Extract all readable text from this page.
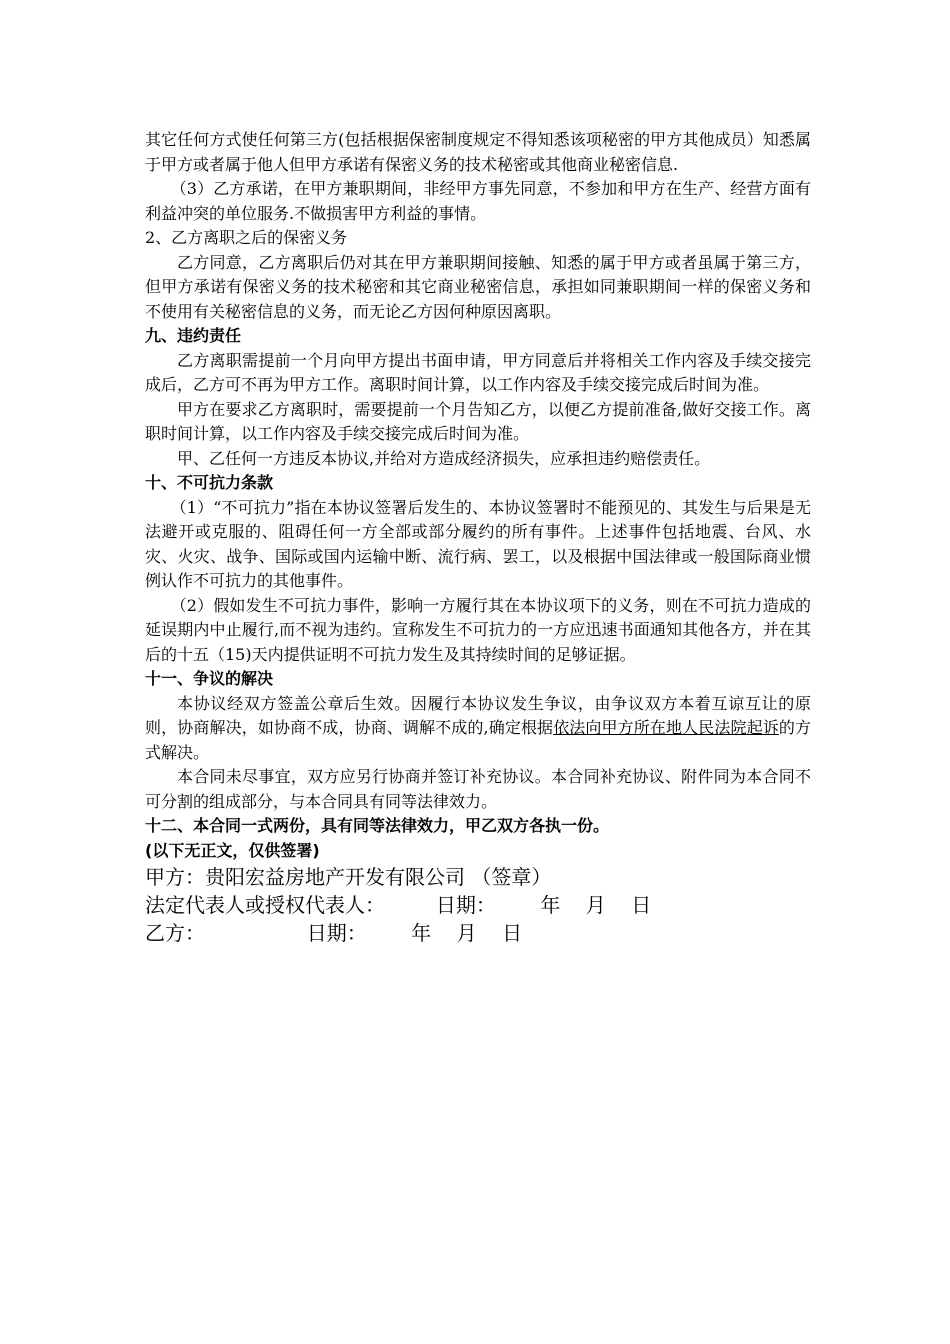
其它任何方式使任何第三方(包括根据保密制度规定不得知悉该项秘密的甲方其他成员）知悉属于甲方或者属于他人但甲方承诺有保密义务的技术秘密或其他商业秘密信息.

（3）乙方承诺，在甲方兼职期间，非经甲方事先同意，不参加和甲方在生产、经营方面有利益冲突的单位服务.不做损害甲方利益的事情。

2、乙方离职之后的保密义务

乙方同意，乙方离职后仍对其在甲方兼职期间接触、知悉的属于甲方或者虽属于第三方，但甲方承诺有保密义务的技术秘密和其它商业秘密信息，承担如同兼职期间一样的保密义务和不使用有关秘密信息的义务，而无论乙方因何种原因离职。

九、违约责任

乙方离职需提前一个月向甲方提出书面申请，甲方同意后并将相关工作内容及手续交接完成后，乙方可不再为甲方工作。离职时间计算，以工作内容及手续交接完成后时间为准。

甲方在要求乙方离职时，需要提前一个月告知乙方，以便乙方提前准备,做好交接工作。离职时间计算，以工作内容及手续交接完成后时间为准。

甲、乙任何一方违反本协议,并给对方造成经济损失，应承担违约赔偿责任。

十、不可抗力条款

（1）“不可抗力”指在本协议签署后发生的、本协议签署时不能预见的、其发生与后果是无法避开或克服的、阻碍任何一方全部或部分履约的所有事件。上述事件包括地震、台风、水灾、火灾、战争、国际或国内运输中断、流行病、罢工，以及根据中国法律或一般国际商业惯例认作不可抗力的其他事件。

（2）假如发生不可抗力事件，影响一方履行其在本协议项下的义务，则在不可抗力造成的延误期内中止履行,而不视为违约。宣称发生不可抗力的一方应迅速书面通知其他各方，并在其后的十五（15)天内提供证明不可抗力发生及其持续时间的足够证据。

十一、争议的解决

本协议经双方签盖公章后生效。因履行本协议发生争议，由争议双方本着互谅互让的原则，协商解决，如协商不成，协商、调解不成的,确定根据依法向甲方所在地人民法院起诉的方式解决。

本合同未尽事宜，双方应另行协商并签订补充协议。本合同补充协议、附件同为本合同不可分割的组成部分，与本合同具有同等法律效力。

十二、本合同一式两份，具有同等法律效力，甲乙双方各执一份。

(以下无正文，仅供签署)

甲方：贵阳宏益房地产开发有限公司 （签章）

法定代表人或授权代表人：        日期：       年    月    日

乙方：                日期：       年    月    日
